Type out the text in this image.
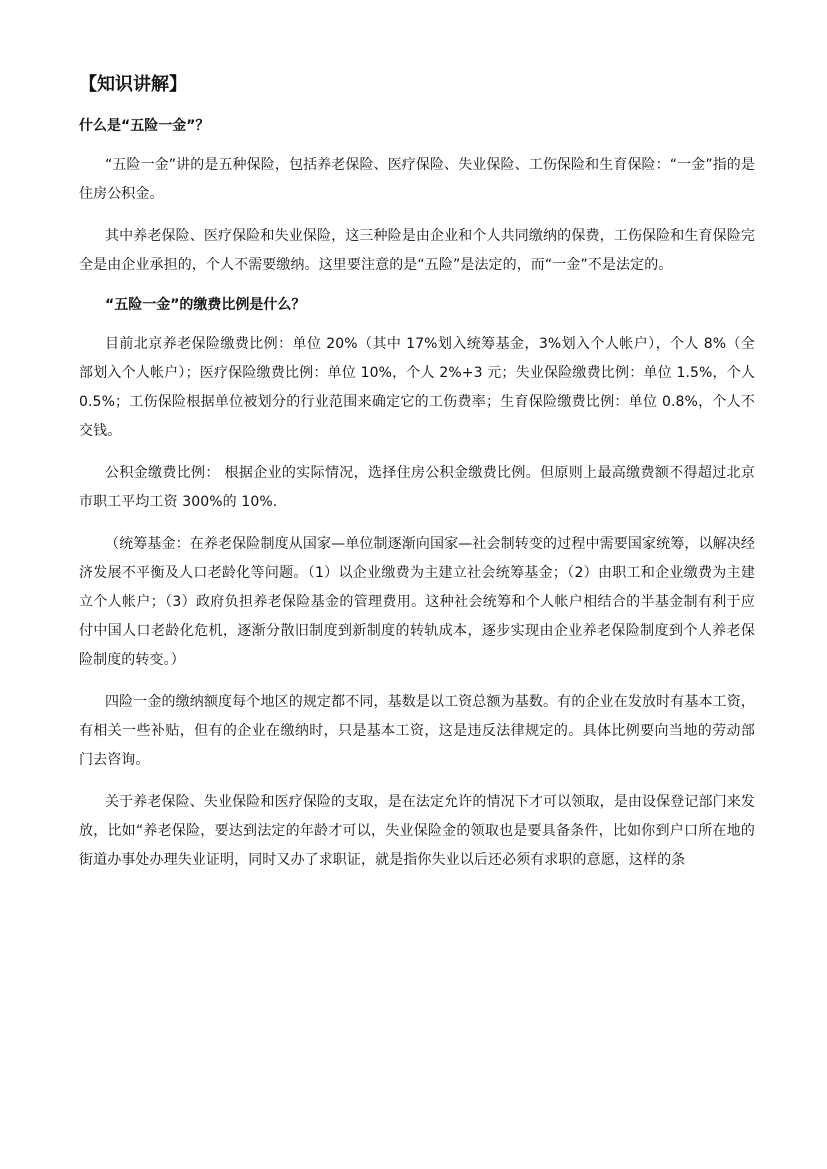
【知识讲解】
什么是“五险一金”？

“五险一金”讲的是五种保险，包括养老保险、医疗保险、失业保险、工伤保险和生育保险：“一金”指的是住房公积金。

其中养老保险、医疗保险和失业保险，这三种险是由企业和个人共同缴纳的保费，工伤保险和生育保险完全是由企业承担的，个人不需要缴纳。这里要注意的是“五险”是法定的，而“一金”不是法定的。

“五险一金”的缴费比例是什么？

目前北京养老保险缴费比例：单位 20%（其中 17%划入统筹基金，3%划入个人帐户），个人 8%（全部划入个人帐户）；医疗保险缴费比例：单位 10%，个人 2%+3 元；失业保险缴费比例：单位 1.5%，个人 0.5%；工伤保险根据单位被划分的行业范围来确定它的工伤费率；生育保险缴费比例：单位 0.8%，个人不交钱。

公积金缴费比例： 根据企业的实际情况，选择住房公积金缴费比例。但原则上最高缴费额不得超过北京市职工平均工资 300%的 10%.

（统筹基金：在养老保险制度从国家—单位制逐渐向国家—社会制转变的过程中需要国家统筹，以解决经济发展不平衡及人口老龄化等问题。（1）以企业缴费为主建立社会统筹基金；（2）由职工和企业缴费为主建立个人帐户；（3）政府负担养老保险基金的管理费用。这种社会统筹和个人帐户相结合的半基金制有利于应付中国人口老龄化危机，逐渐分散旧制度到新制度的转轨成本，逐步实现由企业养老保险制度到个人养老保险制度的转变。）

四险一金的缴纳额度每个地区的规定都不同，基数是以工资总额为基数。有的企业在发放时有基本工资，有相关一些补贴，但有的企业在缴纳时，只是基本工资，这是违反法律规定的。具体比例要向当地的劳动部门去咨询。

关于养老保险、失业保险和医疗保险的支取，是在法定允许的情况下才可以领取，是由设保登记部门来发放，比如“养老保险，要达到法定的年龄才可以，失业保险金的领取也是要具备条件，比如你到户口所在地的街道办事处办理失业证明，同时又办了求职证，就是指你失业以后还必须有求职的意愿，这样的条
